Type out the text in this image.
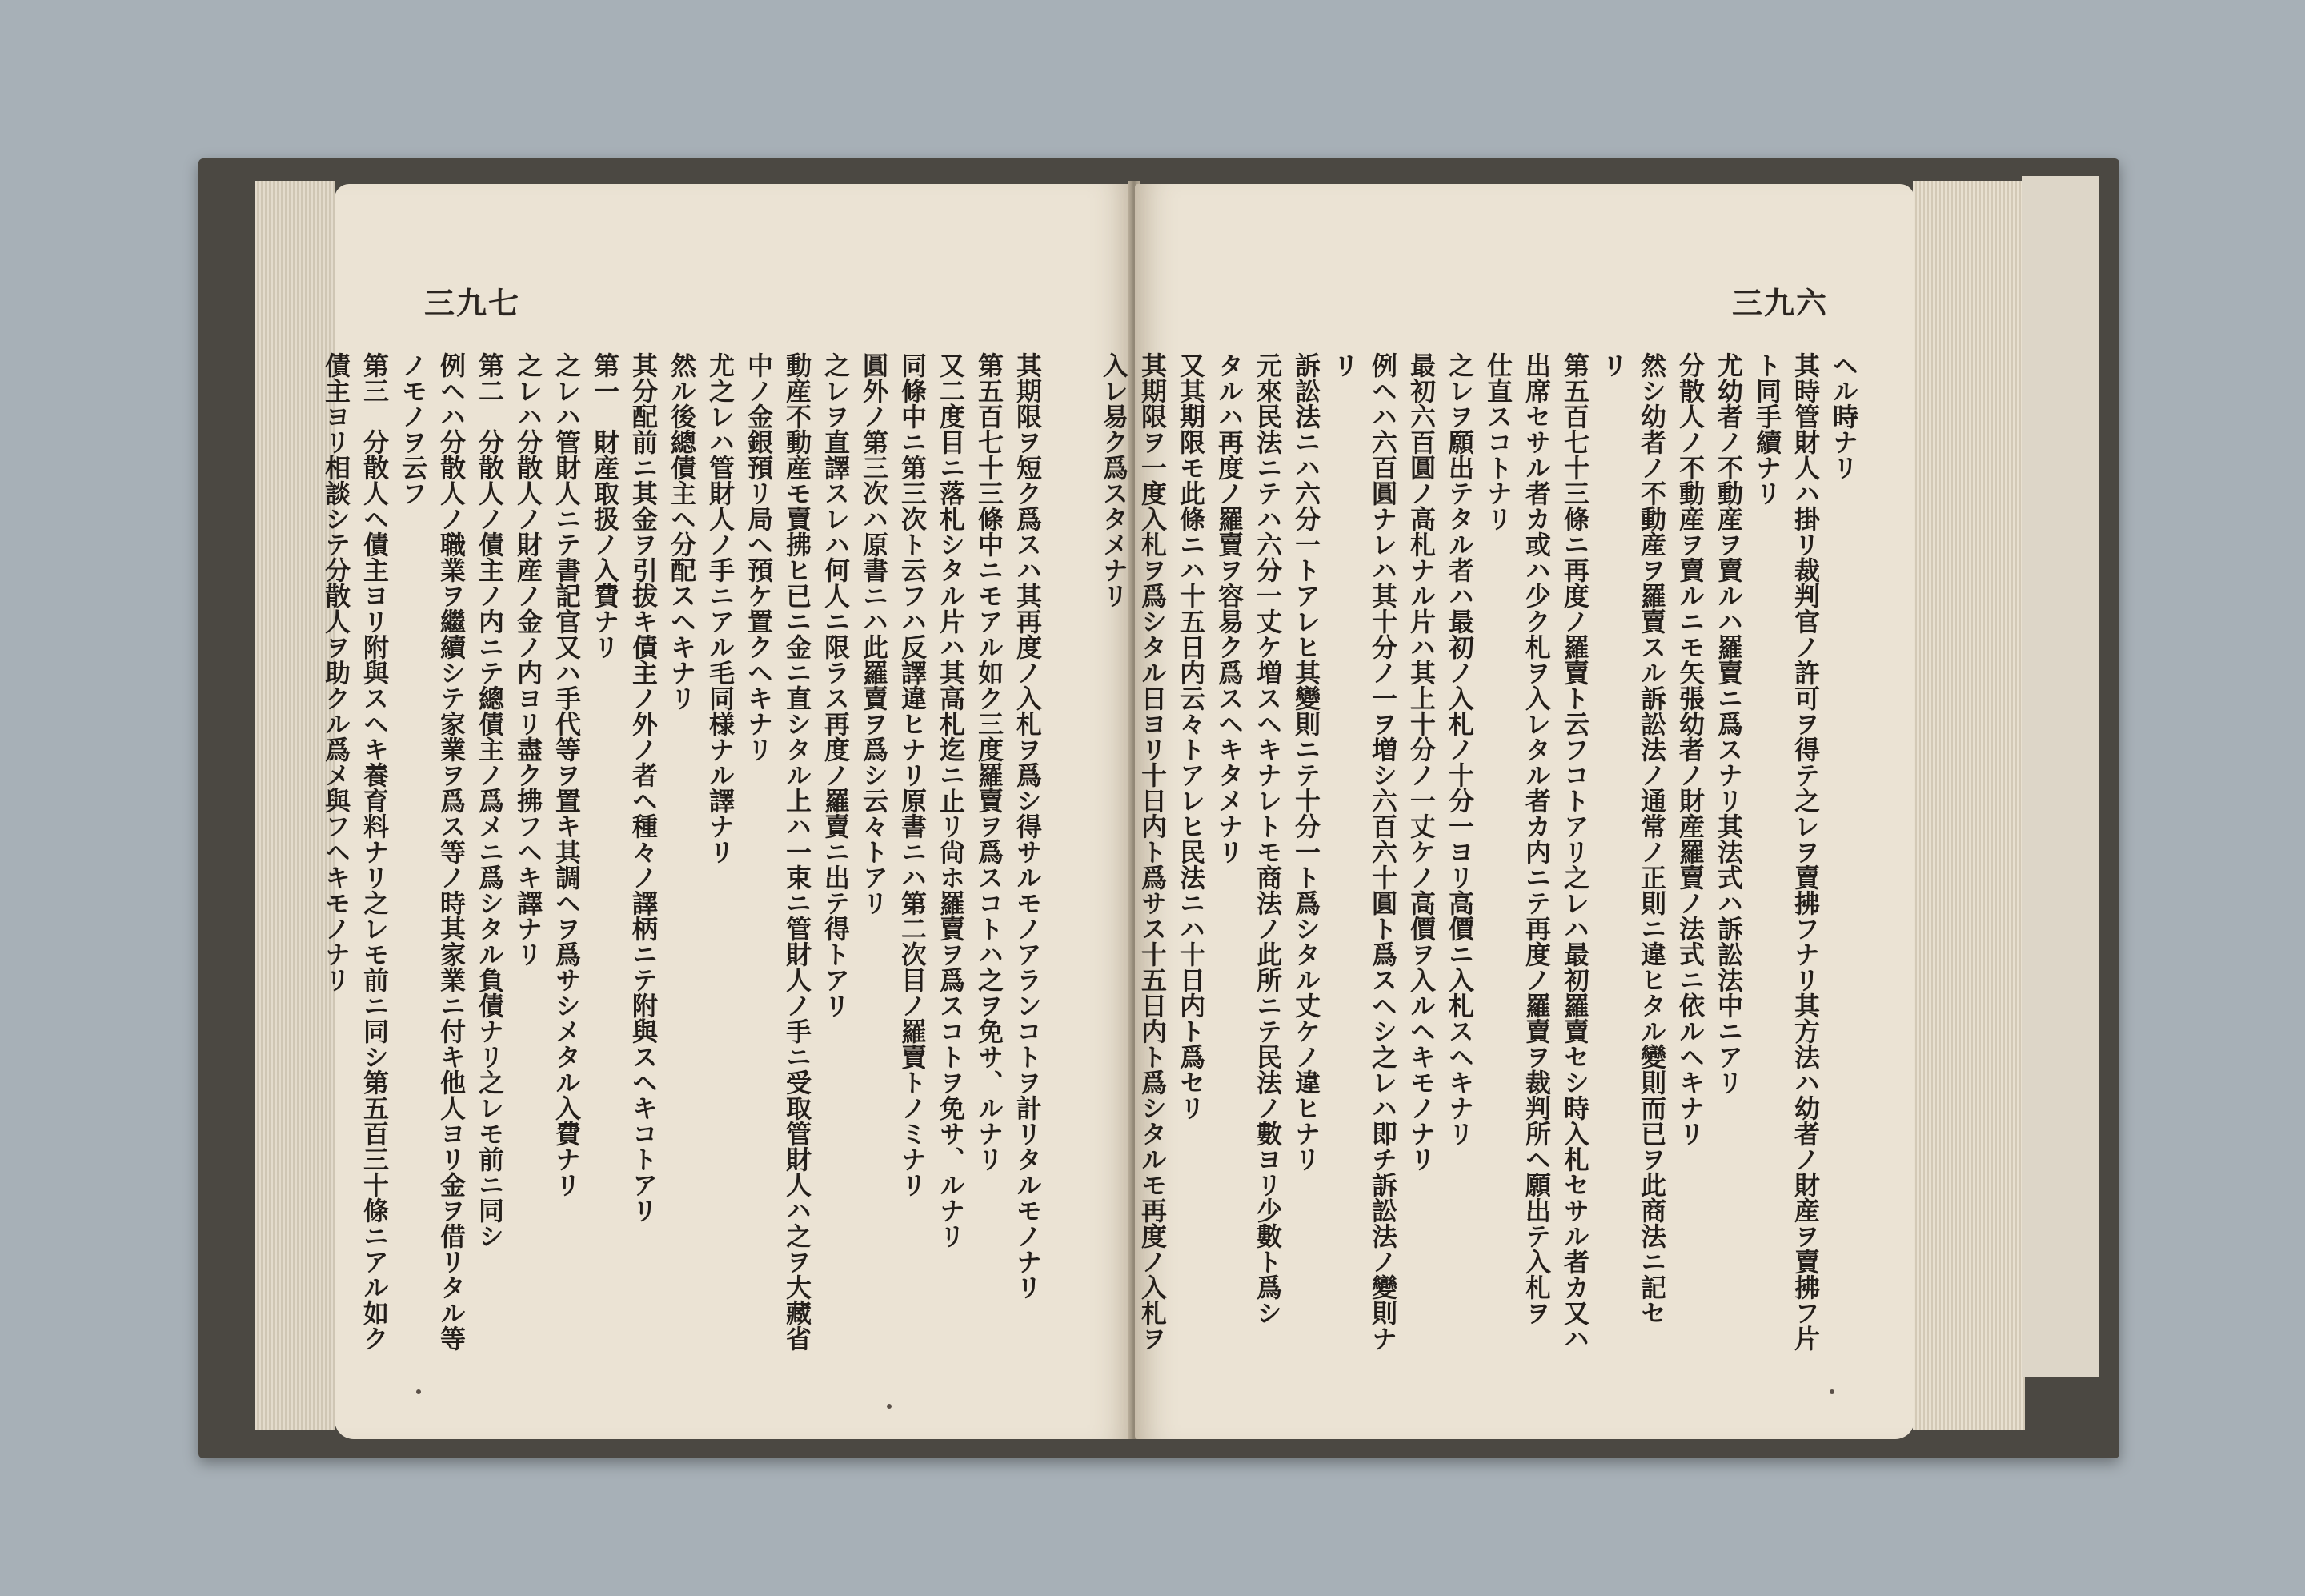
三九七
其期限ヲ短ク爲スハ其再度ノ入札ヲ爲シ得サルモノアランコトヲ計リタルモノナリ
第五百七十三條中ニモアル如ク三度羅賣ヲ爲スコトハ之ヲ免サ、ルナリ
又二度目ニ落札シタル片ハ其高札迄ニ止リ尙ホ羅賣ヲ爲スコトヲ免サ、ルナリ
同條中ニ第三次ト云フハ反譯違ヒナリ原書ニハ第二次目ノ羅賣トノミナリ
圓外ノ第三次ハ原書ニハ此羅賣ヲ爲シ云々トアリ
之レヲ直譯スレハ何人ニ限ラス再度ノ羅賣ニ出テ得トアリ
動産不動産モ賣拂ヒ已ニ金ニ直シタル上ハ一束ニ管財人ノ手ニ受取管財人ハ之ヲ大藏省
中ノ金銀預リ局ヘ預ケ置クヘキナリ
尤之レハ管財人ノ手ニアル毛同様ナル譯ナリ
然ル後總債主ヘ分配スヘキナリ
其分配前ニ其金ヲ引拔キ債主ノ外ノ者ヘ種々ノ譯柄ニテ附與スヘキコトアリ
第一　財産取扱ノ入費ナリ
之レハ管財人ニテ書記官又ハ手代等ヲ置キ其調ヘヲ爲サシメタル入費ナリ
之レハ分散人ノ財産ノ金ノ内ヨリ盡ク拂フヘキ譯ナリ
第二　分散人ノ債主ノ内ニテ總債主ノ爲メニ爲シタル負債ナリ之レモ前ニ同シ
例ヘハ分散人ノ職業ヲ繼續シテ家業ヲ爲ス等ノ時其家業ニ付キ他人ヨリ金ヲ借リタル等
ノモノヲ云フ
第三　分散人ヘ債主ヨリ附與スヘキ養育料ナリ之レモ前ニ同シ第五百三十條ニアル如ク
債主ヨリ相談シテ分散人ヲ助クル爲メ與フヘキモノナリ
三九六
ヘル時ナリ
其時管財人ハ掛リ裁判官ノ許可ヲ得テ之レヲ賣拂フナリ其方法ハ幼者ノ財産ヲ賣拂フ片
ト同手續ナリ
尤幼者ノ不動産ヲ賣ルハ羅賣ニ爲スナリ其法式ハ訴訟法中ニアリ
分散人ノ不動産ヲ賣ルニモ矢張幼者ノ財産羅賣ノ法式ニ依ルヘキナリ
然シ幼者ノ不動産ヲ羅賣スル訴訟法ノ通常ノ正則ニ違ヒタル變則而已ヲ此商法ニ記セ
リ
第五百七十三條ニ再度ノ羅賣ト云フコトアリ之レハ最初羅賣セシ時入札セサル者カ又ハ
出席セサル者カ或ハ少ク札ヲ入レタル者カ内ニテ再度ノ羅賣ヲ裁判所ヘ願出テ入札ヲ
仕直スコトナリ
之レヲ願出テタル者ハ最初ノ入札ノ十分一ヨリ高價ニ入札スヘキナリ
最初六百圓ノ高札ナル片ハ其上十分ノ一丈ケノ高價ヲ入ルヘキモノナリ
例ヘハ六百圓ナレハ其十分ノ一ヲ増シ六百六十圓ト爲スヘシ之レハ即チ訴訟法ノ變則ナ
リ
訴訟法ニハ六分一トアレヒ其變則ニテ十分一ト爲シタル丈ケノ違ヒナリ
元來民法ニテハ六分一丈ケ増スヘキナレトモ商法ノ此所ニテ民法ノ數ヨリ少數ト爲シ
タルハ再度ノ羅賣ヲ容易ク爲スヘキタメナリ
又其期限モ此條ニハ十五日内云々トアレヒ民法ニハ十日内ト爲セリ
其期限ヲ一度入札ヲ爲シタル日ヨリ十日内ト爲サス十五日内ト爲シタルモ再度ノ入札ヲ
入レ易ク爲スタメナリ
